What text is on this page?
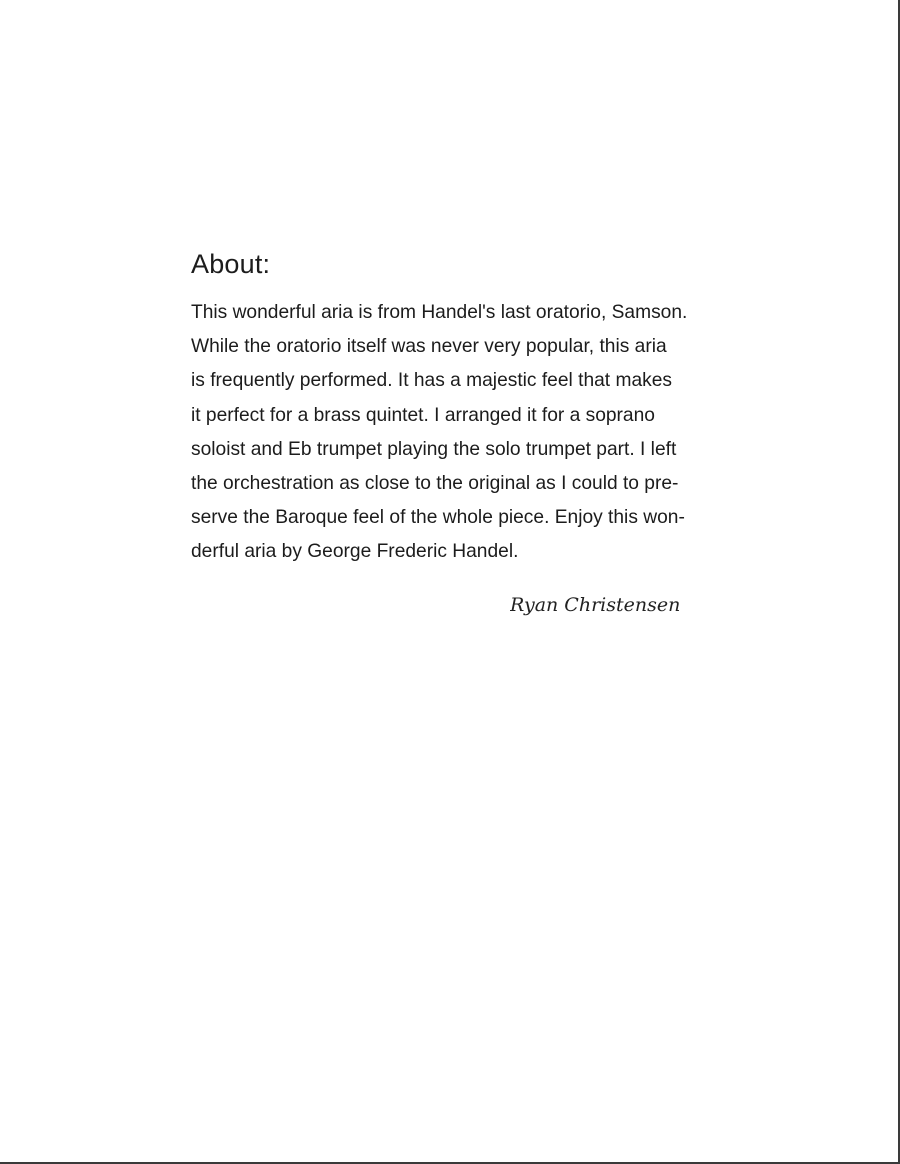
About:
This wonderful aria is from Handel's last oratorio, Samson.
While the oratorio itself was never very popular, this aria
is frequently performed. It has a majestic feel that makes
it perfect for a brass quintet. I arranged it for a soprano
soloist and Eb trumpet playing the solo trumpet part. I left
the orchestration as close to the original as I could to pre-
serve the Baroque feel of the whole piece. Enjoy this won-
derful aria by George Frederic Handel.
Ryan Christensen
